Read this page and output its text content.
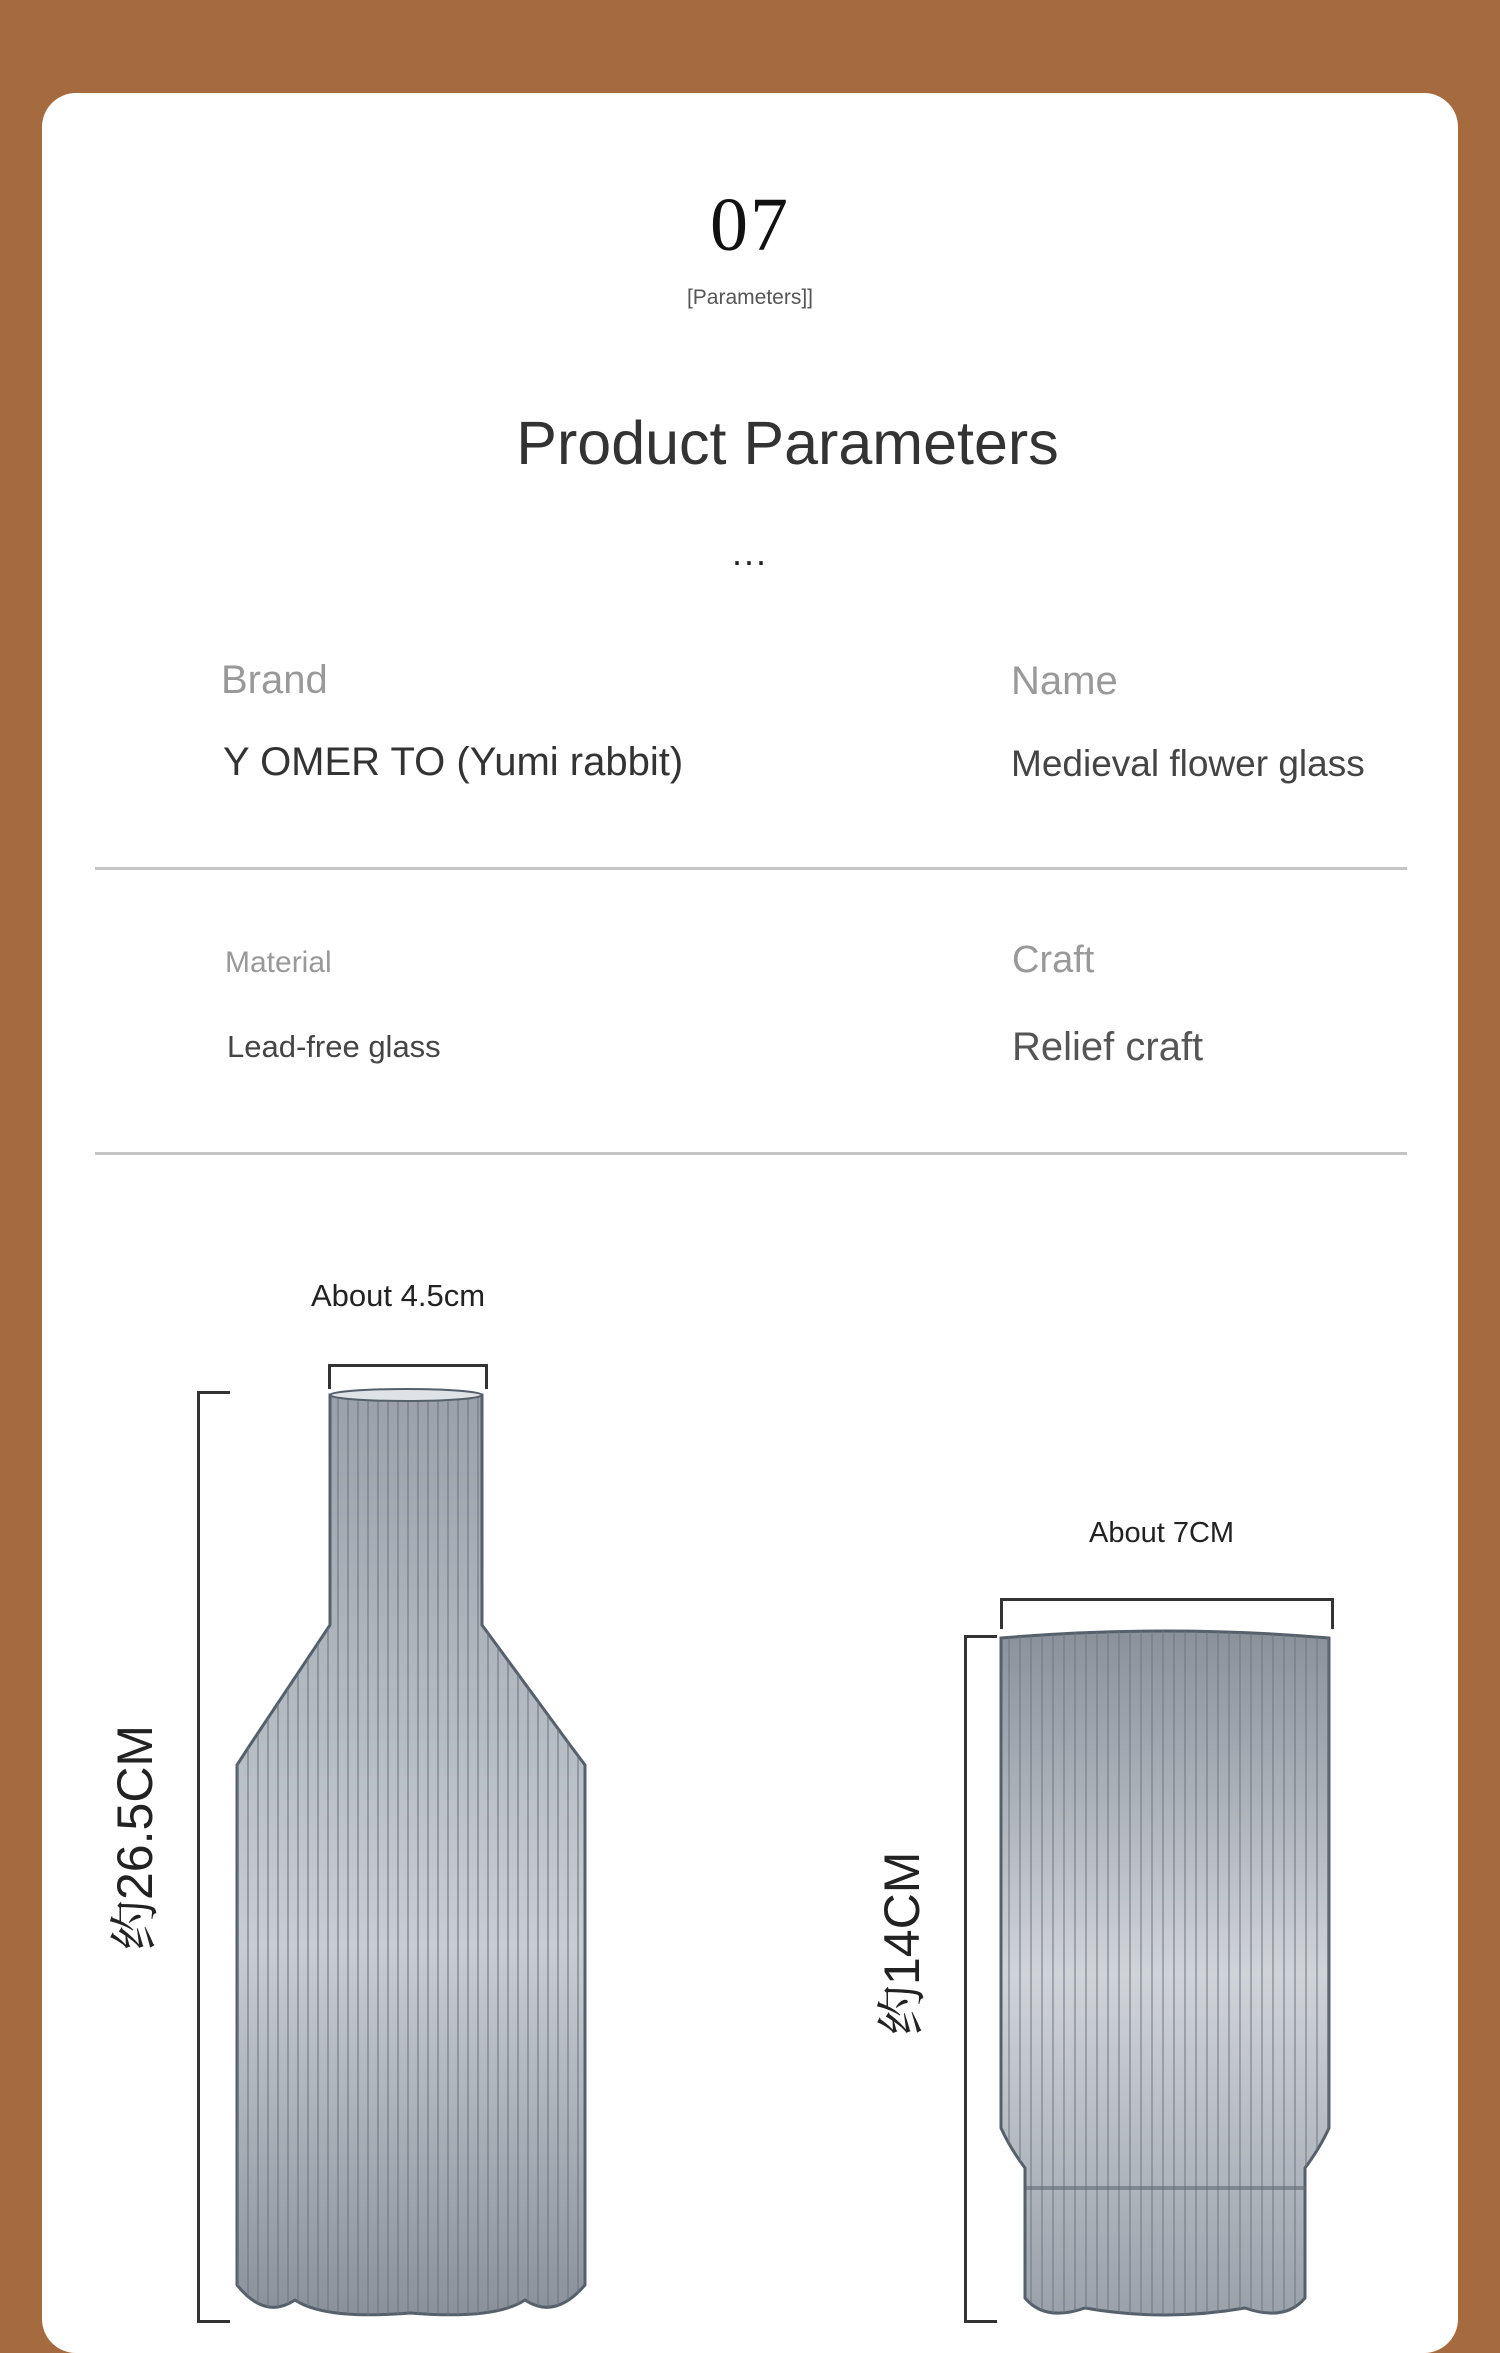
07
[Parameters]]
Product Parameters
...
Brand
Y OMER TO (Yumi rabbit)
Name
Medieval flower glass
Material
Lead-free glass
Craft
Relief craft
About 4.5cm
约26.5CM
About 7CM
约14CM
